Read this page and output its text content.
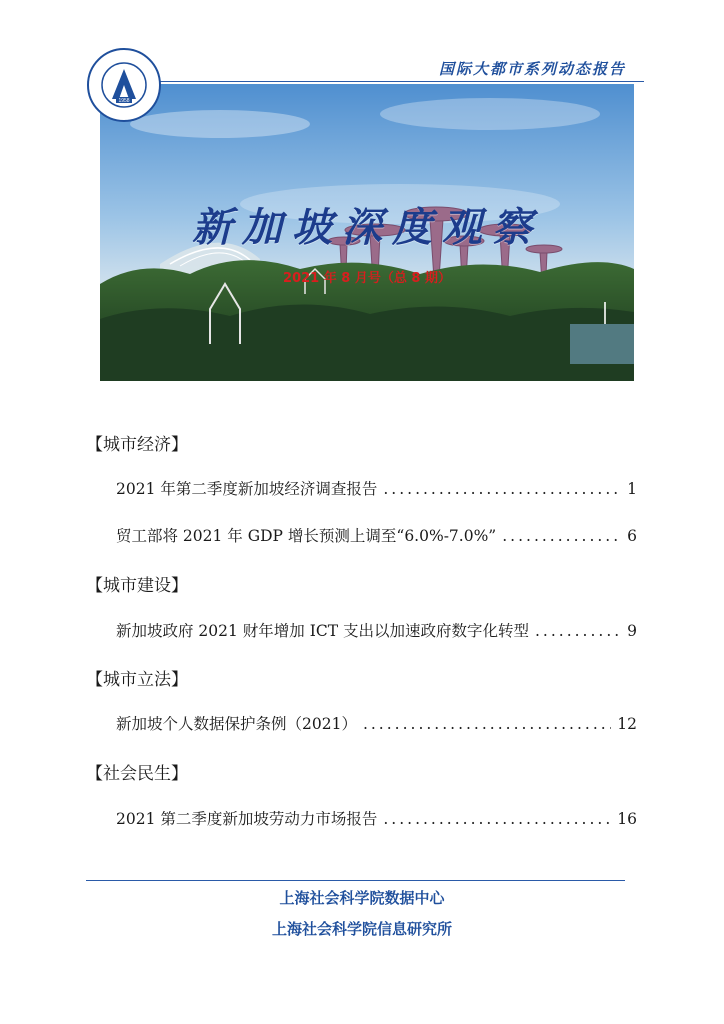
国际大都市系列动态报告
新加坡深度观察
2021 年 8 月号（总 8 期）
1958
【城市经济】
2021 年第二季度新加坡经济调查报告 .....	1
贸工部将 2021 年 GDP 增长预测上调至“6.0%-7.0%” .....	6
【城市建设】
新加坡政府 2021 财年增加 ICT 支出以加速政府数字化转型 .....	9
【城市立法】
新加坡个人数据保护条例（2021） .....	12
【社会民生】
2021 第二季度新加坡劳动力市场报告 .....	16
上海社会科学院数据中心
上海社会科学院信息研究所
